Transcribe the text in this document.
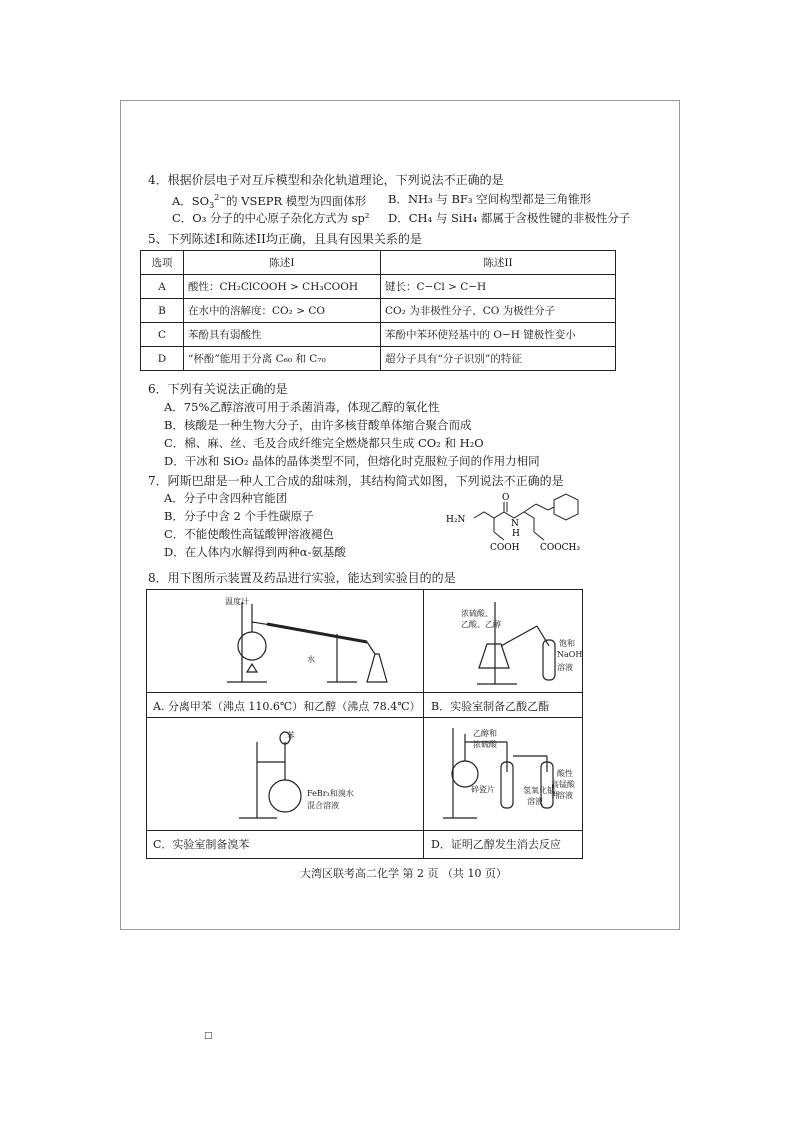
4．根据价层电子对互斥模型和杂化轨道理论，下列说法不正确的是
A．$SO_3^{2-}$的 VSEPR 模型为四面体形 B．NH₃ 与 BF₃ 空间构型都是三角锥形
C．O₃ 分子的中心原子杂化方式为 sp² D．CH₄ 与 SiH₄ 都属于含极性键的非极性分子
5、下列陈述I和陈述II均正确，且具有因果关系的是
选项	陈述I	陈述II
A	酸性：CH₂ClCOOH > CH₃COOH	键长：C−Cl > C−H
B	在水中的溶解度：CO₂ > CO	CO₂ 为非极性分子，CO 为极性分子
C	苯酚具有弱酸性	苯酚中苯环使羟基中的 O−H 键极性变小
D	“杯酚”能用于分离 C₆₀ 和 C₇₀	超分子具有“分子识别”的特征
6．下列有关说法正确的是
A．75%乙醇溶液可用于杀菌消毒，体现乙醇的氧化性
B．核酸是一种生物大分子，由许多核苷酸单体缩合聚合而成
C．棉、麻、丝、毛及合成纤维完全燃烧都只生成 CO₂ 和 H₂O
D．干冰和 SiO₂ 晶体的晶体类型不同，但熔化时克服粒子间的作用力相同
7．阿斯巴甜是一种人工合成的甜味剂，其结构简式如图，下列说法不正确的是
A．分子中含四种官能团
B．分子中含 2 个手性碳原子
C．不能使酸性高锰酸钾溶液褪色
D．在人体内水解得到两种α-氨基酸
H₂N	N
H
O
COOH COOCH₃
8．用下图所示装置及药品进行实验，能达到实验目的的是
温度计
水
A. 分离甲苯（沸点 110.6℃）和乙醇（沸点 78.4℃）
浓硫酸、
乙酸、乙醇
饱和
NaOH
溶液
B．实验室制备乙酸乙酯
苯
FeBr₃和溴水
混合溶液
C．实验室制备溴苯
乙醇和
浓硫酸
碎瓷片	氢氧化钠
溶液
酸性
高锰酸钾
溶液
D．证明乙醇发生消去反应
大湾区联考高二化学 第 2 页 （共 10 页）
□
